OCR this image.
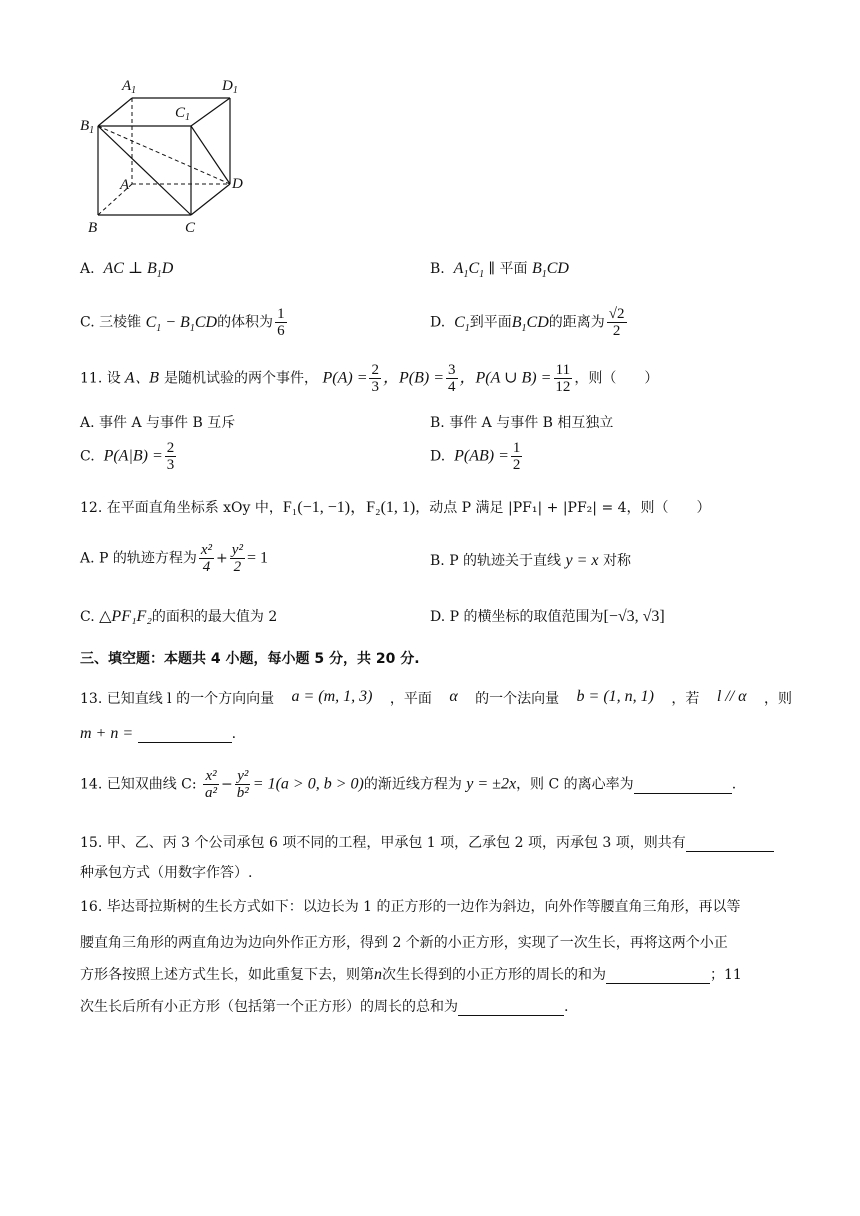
$A_1$	$D_1$
$C_1$
$B_1$
A	D
B	C
A. AC ⊥ $B_1D$	B. $A_1C_1$ ∥ 平面 $B_1CD$
C. 三棱锥 $C_1 - B_1CD$的体积为 $\frac{1}{6}$	D. $C_1$到平面$B_1CD$的距离为 $\frac{√2}{2}$
11. 设 A、B 是随机试验的两个事件， $P(A) = \frac{2}{3}$ ，$P(B) = \frac{3}{4}$ ，P(A ∪ $B) = \frac{11}{12}$ ，则（　　）
A. 事件 A 与事件 B 互斥	B. 事件 A 与事件 B 相互独立
C. $P(A|B) = \frac{2}{3}$	D. $P(AB) = \frac{1}{2}$
12. 在平面直角坐标系 xOy 中，F₁(−1, −1)，F₂(1, 1)，动点 P 满足 |PF₁| + |PF₂| = 4，则（　　）
A. P 的轨迹方程为 $\frac{\text{x²}}{4} + \frac{\text{y²}}{2} = 1$	B. P 的轨迹关于直线 y = x 对称
C. △PF₁F₂的面积的最大值为 2	D. P 的横坐标的取值范围为[−√3, √3]
三、填空题：本题共 4 小题，每小题 5 分，共 20 分.
13. 已知直线 l 的一个方向向量 a = (m, 1, 3) ，平面 α 的一个法向量 b = (1, n, 1) ，若 l // α ，则
m + n =	.
14. 已知双曲线 C: $\frac{\text{x²}}{\text{a²}} - \frac{\text{y²}}{\text{b²}} = 1(a > 0$, b > 0)的渐近线方程为 y = ±2x，则 C 的离心率为	.
15. 甲、乙、丙 3 个公司承包 6 项不同的工程，甲承包 1 项，乙承包 2 项，丙承包 3 项，则共有
种承包方式（用数字作答）.
16. 毕达哥拉斯树的生长方式如下：以边长为 1 的正方形的一边作为斜边，向外作等腰直角三角形，再以等
腰直角三角形的两直角边为边向外作正方形，得到 2 个新的小正方形，实现了一次生长，再将这两个小正
方形各按照上述方式生长，如此重复下去，则第n次生长得到的小正方形的周长的和为	；11
次生长后所有小正方形（包括第一个正方形）的周长的总和为	.
